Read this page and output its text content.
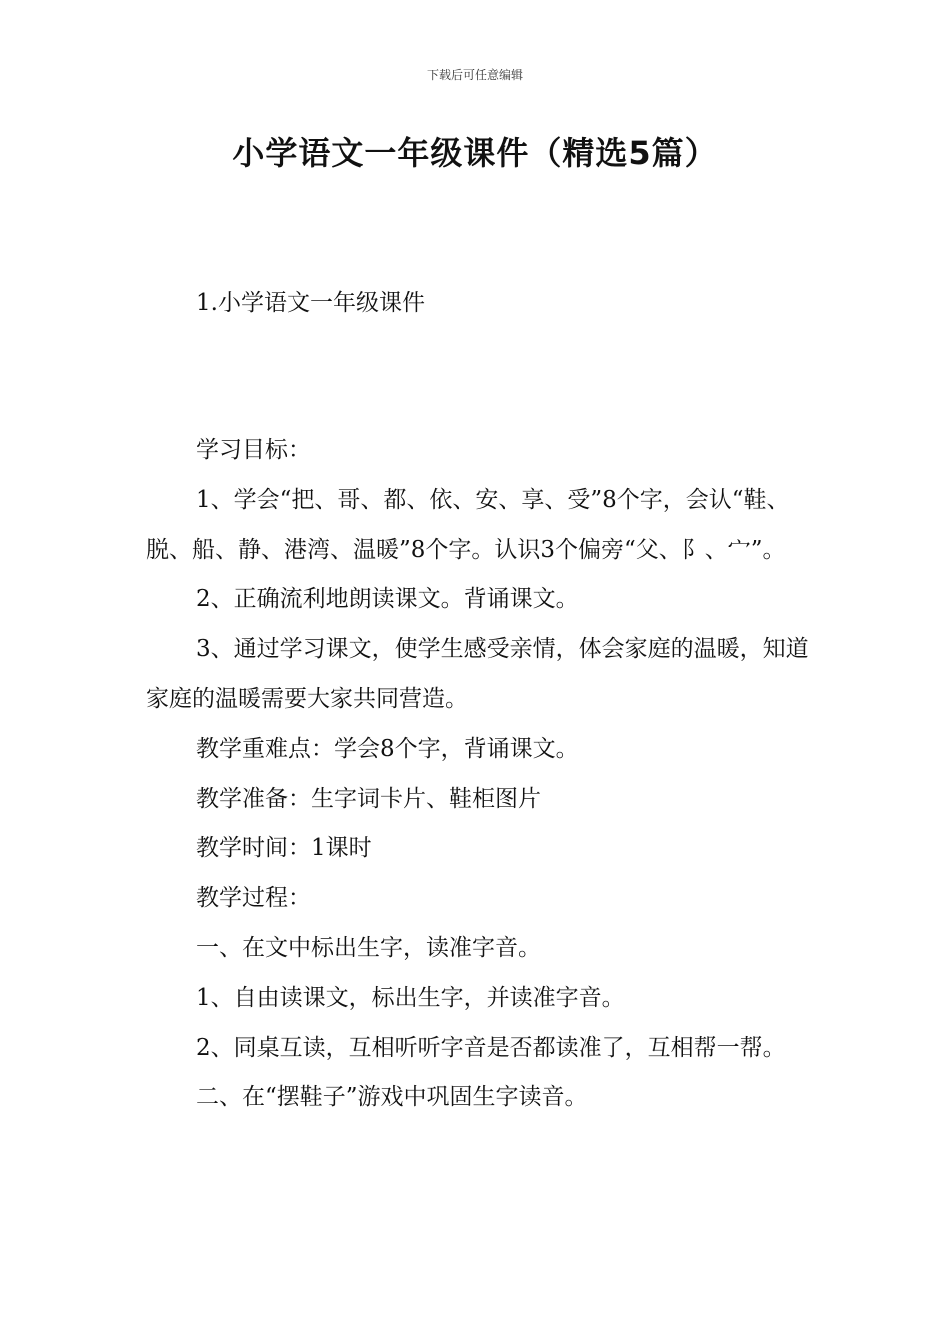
下载后可任意编辑
小学语文一年级课件（精选5篇）
1.小学语文一年级课件

学习目标：

1、学会“把、哥、都、依、安、享、受”8个字，会认“鞋、脱、船、静、港湾、温暖”8个字。认识3个偏旁“父、阝、宀”。

2、正确流利地朗读课文。背诵课文。

3、通过学习课文，使学生感受亲情，体会家庭的温暖，知道家庭的温暖需要大家共同营造。

教学重难点：学会8个字，背诵课文。

教学准备：生字词卡片、鞋柜图片

教学时间：1课时

教学过程：

一、在文中标出生字，读准字音。

1、自由读课文，标出生字，并读准字音。

2、同桌互读，互相听听字音是否都读准了，互相帮一帮。

二、在“摆鞋子”游戏中巩固生字读音。
